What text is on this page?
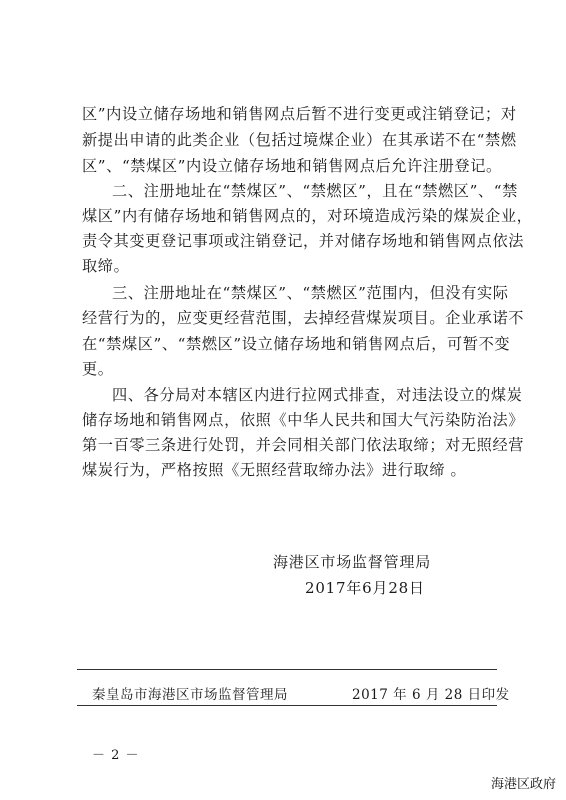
区”内设立储存场地和销售网点后暂不进行变更或注销登记；对
新提出申请的此类企业（包括过境煤企业）在其承诺不在“禁燃
区”、“禁煤区”内设立储存场地和销售网点后允许注册登记。
二、注册地址在“禁煤区”、“禁燃区”，且在“禁燃区”、“禁
煤区”内有储存场地和销售网点的，对环境造成污染的煤炭企业，
责令其变更登记事项或注销登记，并对储存场地和销售网点依法
取缔。
三、注册地址在“禁煤区”、“禁燃区”范围内，但没有实际
经营行为的，应变更经营范围，去掉经营煤炭项目。企业承诺不
在“禁煤区”、“禁燃区”设立储存场地和销售网点后，可暂不变
更。
四、各分局对本辖区内进行拉网式排查，对违法设立的煤炭
储存场地和销售网点，依照《中华人民共和国大气污染防治法》
第一百零三条进行处罚，并会同相关部门依法取缔；对无照经营
煤炭行为，严格按照《无照经营取缔办法》进行取缔 。
海港区市场监督管理局
2017年6月28日
秦皇岛市海港区市场监督管理局	2017 年 6 月 28 日印发
－ 2 －
海港区政府
